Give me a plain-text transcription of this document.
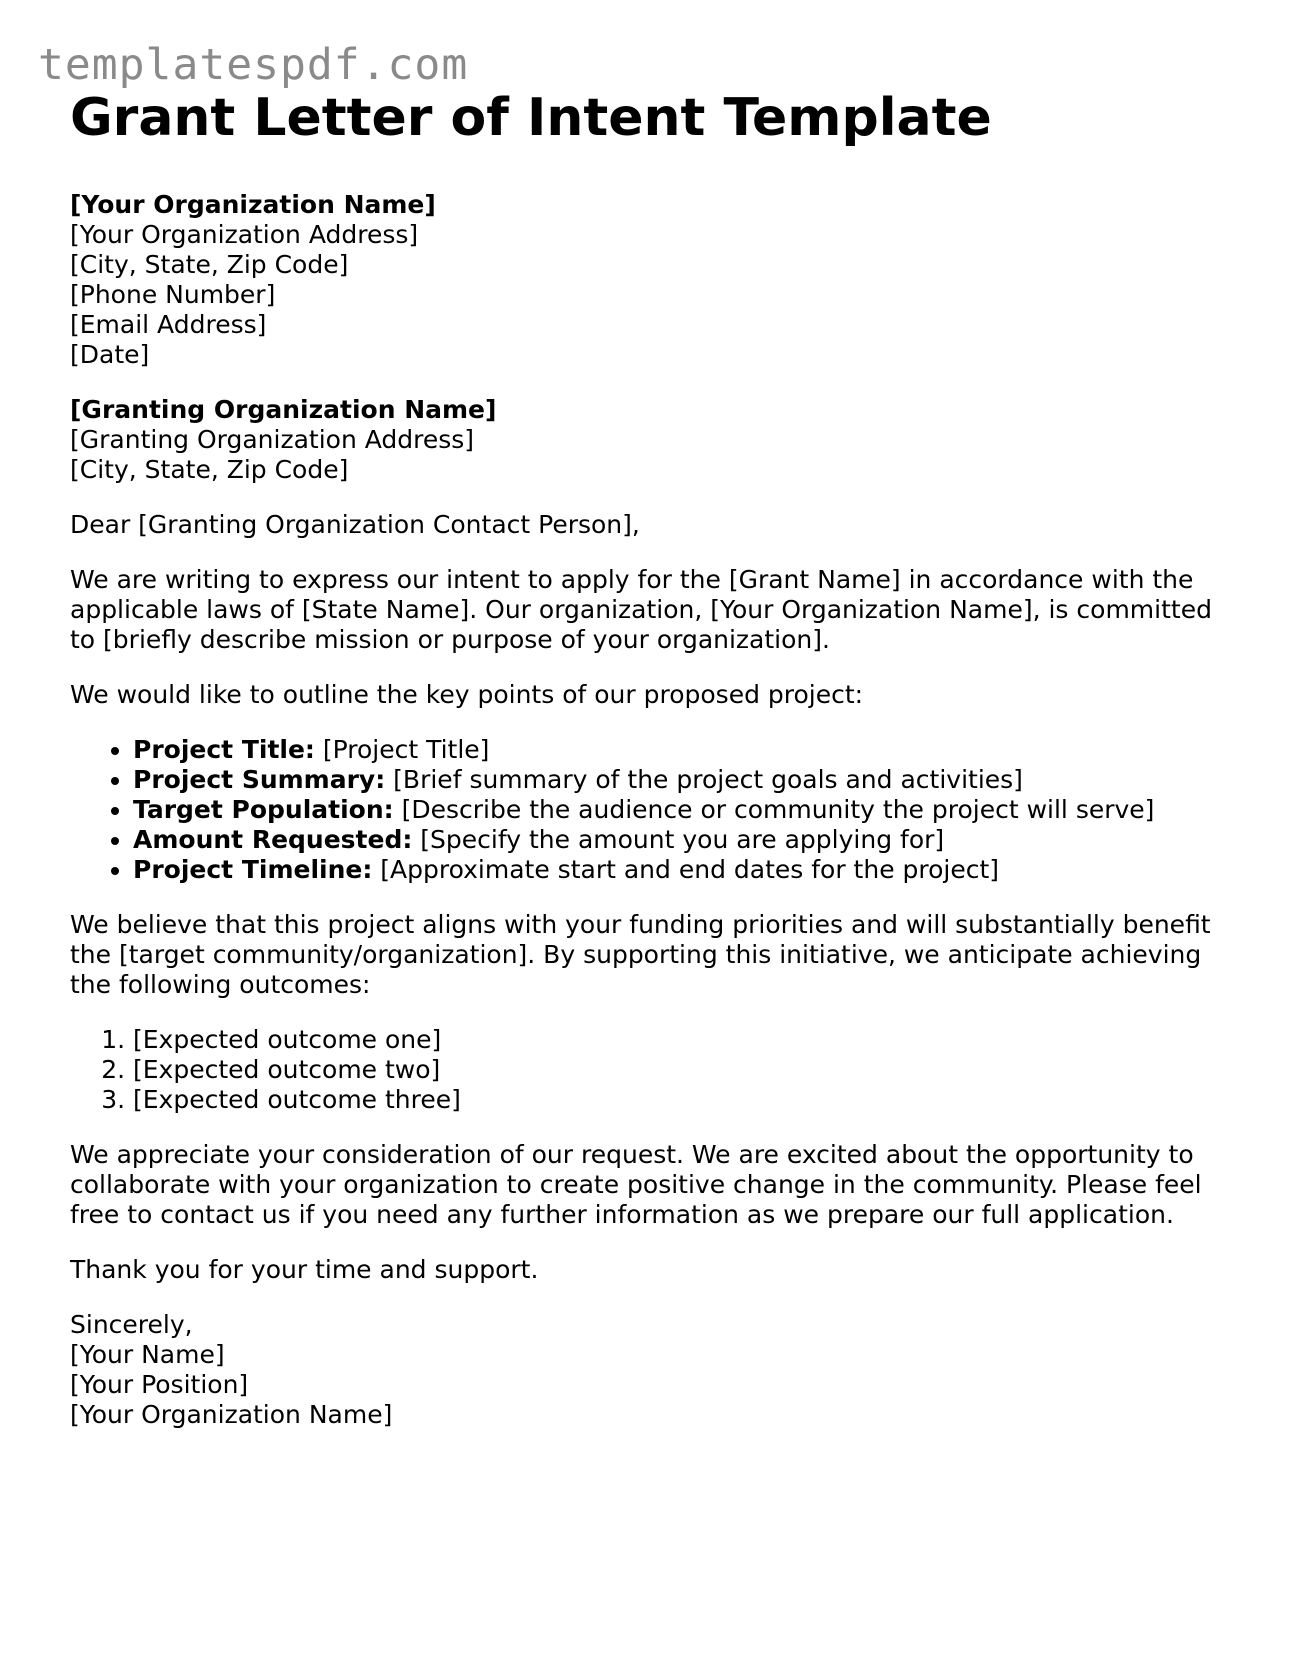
templatespdf.com
Grant Letter of Intent Template
[Your Organization Name]
[Your Organization Address]
[City, State, Zip Code]
[Phone Number]
[Email Address]
[Date]
[Granting Organization Name]
[Granting Organization Address]
[City, State, Zip Code]

Dear [Granting Organization Contact Person],

We are writing to express our intent to apply for the [Grant Name] in accordance with the applicable laws of [State Name]. Our organization, [Your Organization Name], is committed to [briefly describe mission or purpose of your organization].

We would like to outline the key points of our proposed project:

• Project Title: [Project Title]
• Project Summary: [Brief summary of the project goals and activities]
• Target Population: [Describe the audience or community the project will serve]
• Amount Requested: [Specify the amount you are applying for]
• Project Timeline: [Approximate start and end dates for the project]

We believe that this project aligns with your funding priorities and will substantially benefit the [target community/organization]. By supporting this initiative, we anticipate achieving the following outcomes:

1. [Expected outcome one]
2. [Expected outcome two]
3. [Expected outcome three]

We appreciate your consideration of our request. We are excited about the opportunity to collaborate with your organization to create positive change in the community. Please feel free to contact us if you need any further information as we prepare our full application.

Thank you for your time and support.

Sincerely,
[Your Name]
[Your Position]
[Your Organization Name]
